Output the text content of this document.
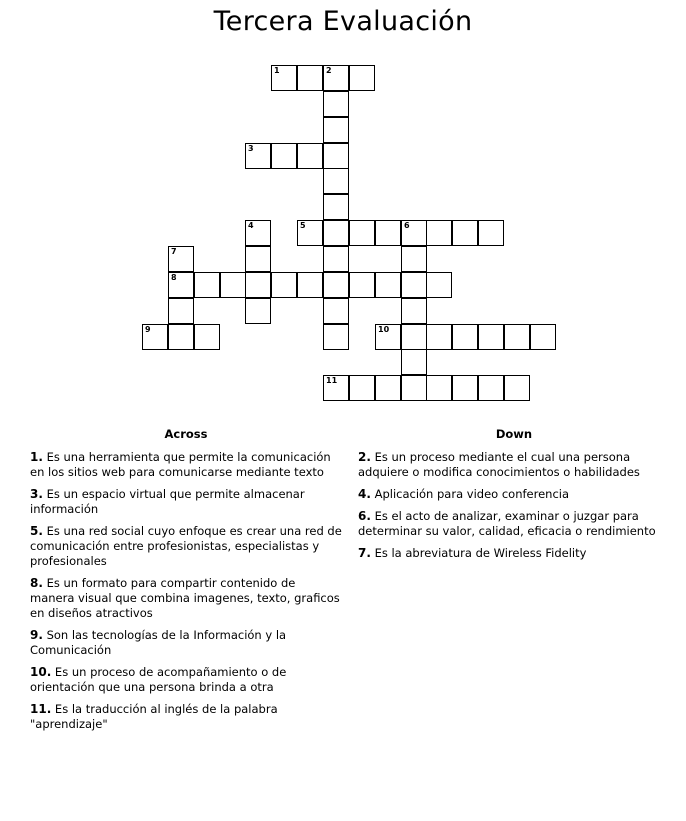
Tercera Evaluación
1	2
3
5	6
8
9	10
11
4
7
Across
1. Es una herramienta que permite la comunicación en los sitios web para comunicarse mediante texto
3. Es un espacio virtual que permite almacenar información
5. Es una red social cuyo enfoque es crear una red de comunicación entre profesionistas, especialistas y profesionales
8. Es un formato para compartir contenido de manera visual que combina imagenes, texto, graficos en diseños atractivos
9. Son las tecnologías de la Información y la Comunicación
10. Es un proceso de acompañamiento o de orientación que una persona brinda a otra
11. Es la traducción al inglés de la palabra "aprendizaje"
Down
2. Es un proceso mediante el cual una persona adquiere o modifica conocimientos o habilidades
4. Aplicación para video conferencia
6. Es el acto de analizar, examinar o juzgar para determinar su valor, calidad, eficacia o rendimiento
7. Es la abreviatura de Wireless Fidelity
